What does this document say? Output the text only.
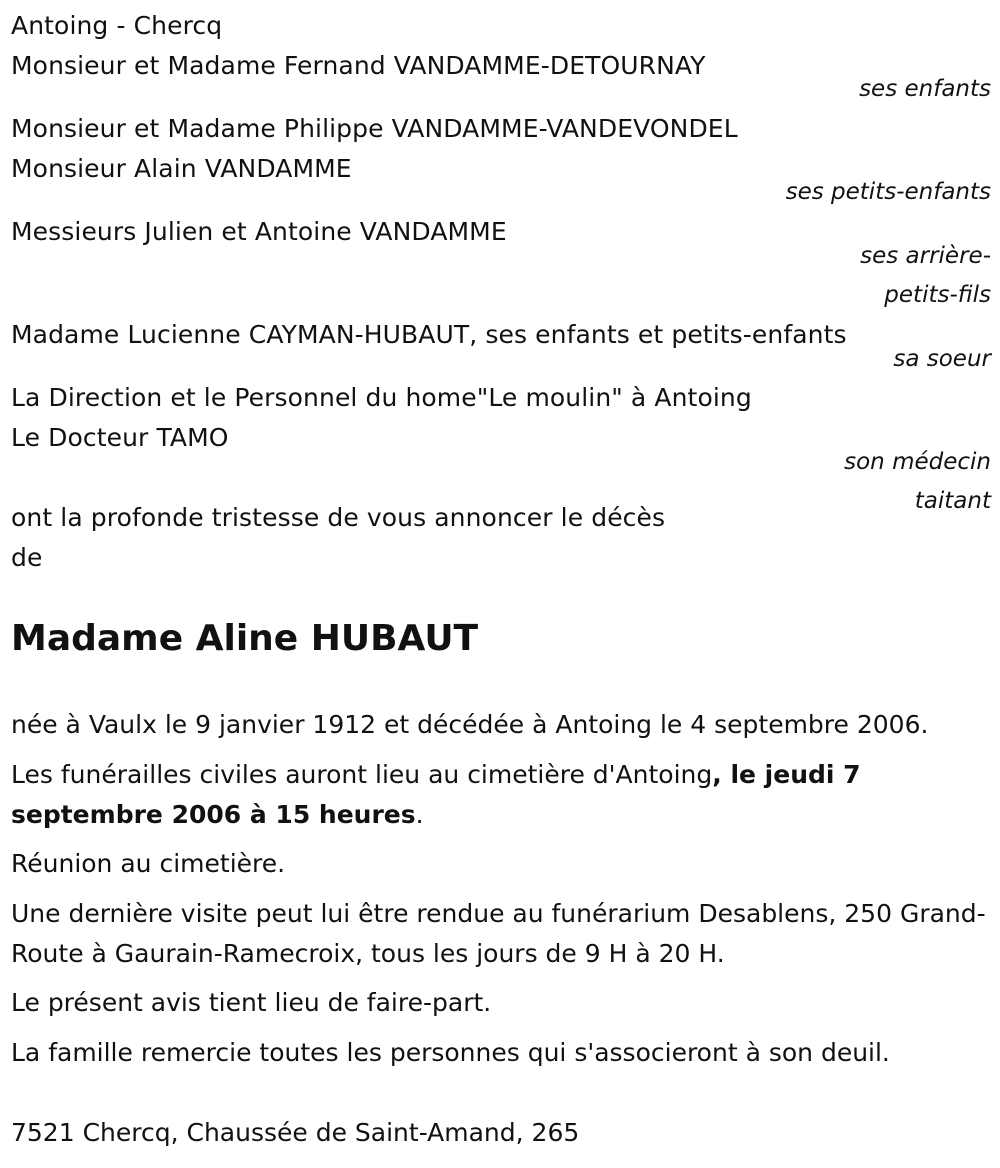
Antoing - Chercq
Monsieur et Madame Fernand VANDAMME-DETOURNAY
ses enfants
Monsieur et Madame Philippe VANDAMME-VANDEVONDEL
Monsieur Alain VANDAMME
ses petits-enfants
Messieurs Julien et Antoine VANDAMME
ses arrière-
petits-fils
Madame Lucienne CAYMAN-HUBAUT, ses enfants et petits-enfants
sa soeur
La Direction et le Personnel du home"Le moulin" à Antoing
Le Docteur TAMO
son médecin
taitant
ont la profonde tristesse de vous annoncer le décès
de
Madame Aline HUBAUT
née à Vaulx le 9 janvier 1912 et décédée à Antoing le 4 septembre 2006.
Les funérailles civiles auront lieu au cimetière d'Antoing, le jeudi 7 septembre 2006 à 15 heures.
Réunion au cimetière.
Une dernière visite peut lui être rendue au funérarium Desablens, 250 Grand-Route à Gaurain-Ramecroix, tous les jours de 9 H à 20 H.
Le présent avis tient lieu de faire-part.
La famille remercie toutes les personnes qui s'associeront à son deuil.
7521 Chercq, Chaussée de Saint-Amand, 265
